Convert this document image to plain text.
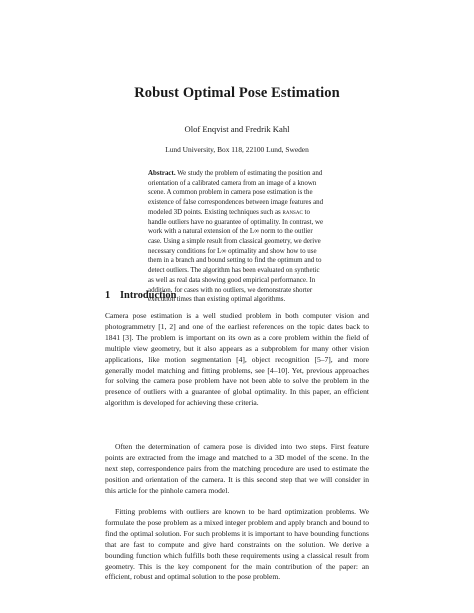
Robust Optimal Pose Estimation
Olof Enqvist and Fredrik Kahl
Lund University, Box 118, 22100 Lund, Sweden

Abstract. We study the problem of estimating the position and orientation of a calibrated camera from an image of a known scene. A common problem in camera pose estimation is the existence of false correspondences between image features and modeled 3D points. Existing techniques such as ransac to handle outliers have no guarantee of optimality. In contrast, we work with a natural extension of the L∞ norm to the outlier case. Using a simple result from classical geometry, we derive necessary conditions for L∞ optimality and show how to use them in a branch and bound setting to find the optimum and to detect outliers. The algorithm has been evaluated on synthetic as well as real data showing good empirical performance. In addition, for cases with no outliers, we demonstrate shorter execution times than existing optimal algorithms.

1 Introduction

Camera pose estimation is a well studied problem in both computer vision and photogrammetry [1, 2] and one of the earliest references on the topic dates back to 1841 [3]. The problem is important on its own as a core problem within the field of multiple view geometry, but it also appears as a subproblem for many other vision applications, like motion segmentation [4], object recognition [5–7], and more generally model matching and fitting problems, see [4–10]. Yet, previous approaches for solving the camera pose problem have not been able to solve the problem in the presence of outliers with a guarantee of global optimality. In this paper, an efficient algorithm is developed for achieving these criteria.

Often the determination of camera pose is divided into two steps. First feature points are extracted from the image and matched to a 3D model of the scene. In the next step, correspondence pairs from the matching procedure are used to estimate the position and orientation of the camera. It is this second step that we will consider in this article for the pinhole camera model.

Fitting problems with outliers are known to be hard optimization problems. We formulate the pose problem as a mixed integer problem and apply branch and bound to find the optimal solution. For such problems it is important to have bounding functions that are fast to compute and give hard constraints on the solution. We derive a bounding function which fulfills both these requirements using a classical result from geometry. This is the key component for the main contribution of the paper: an efficient, robust and optimal solution to the pose problem.
